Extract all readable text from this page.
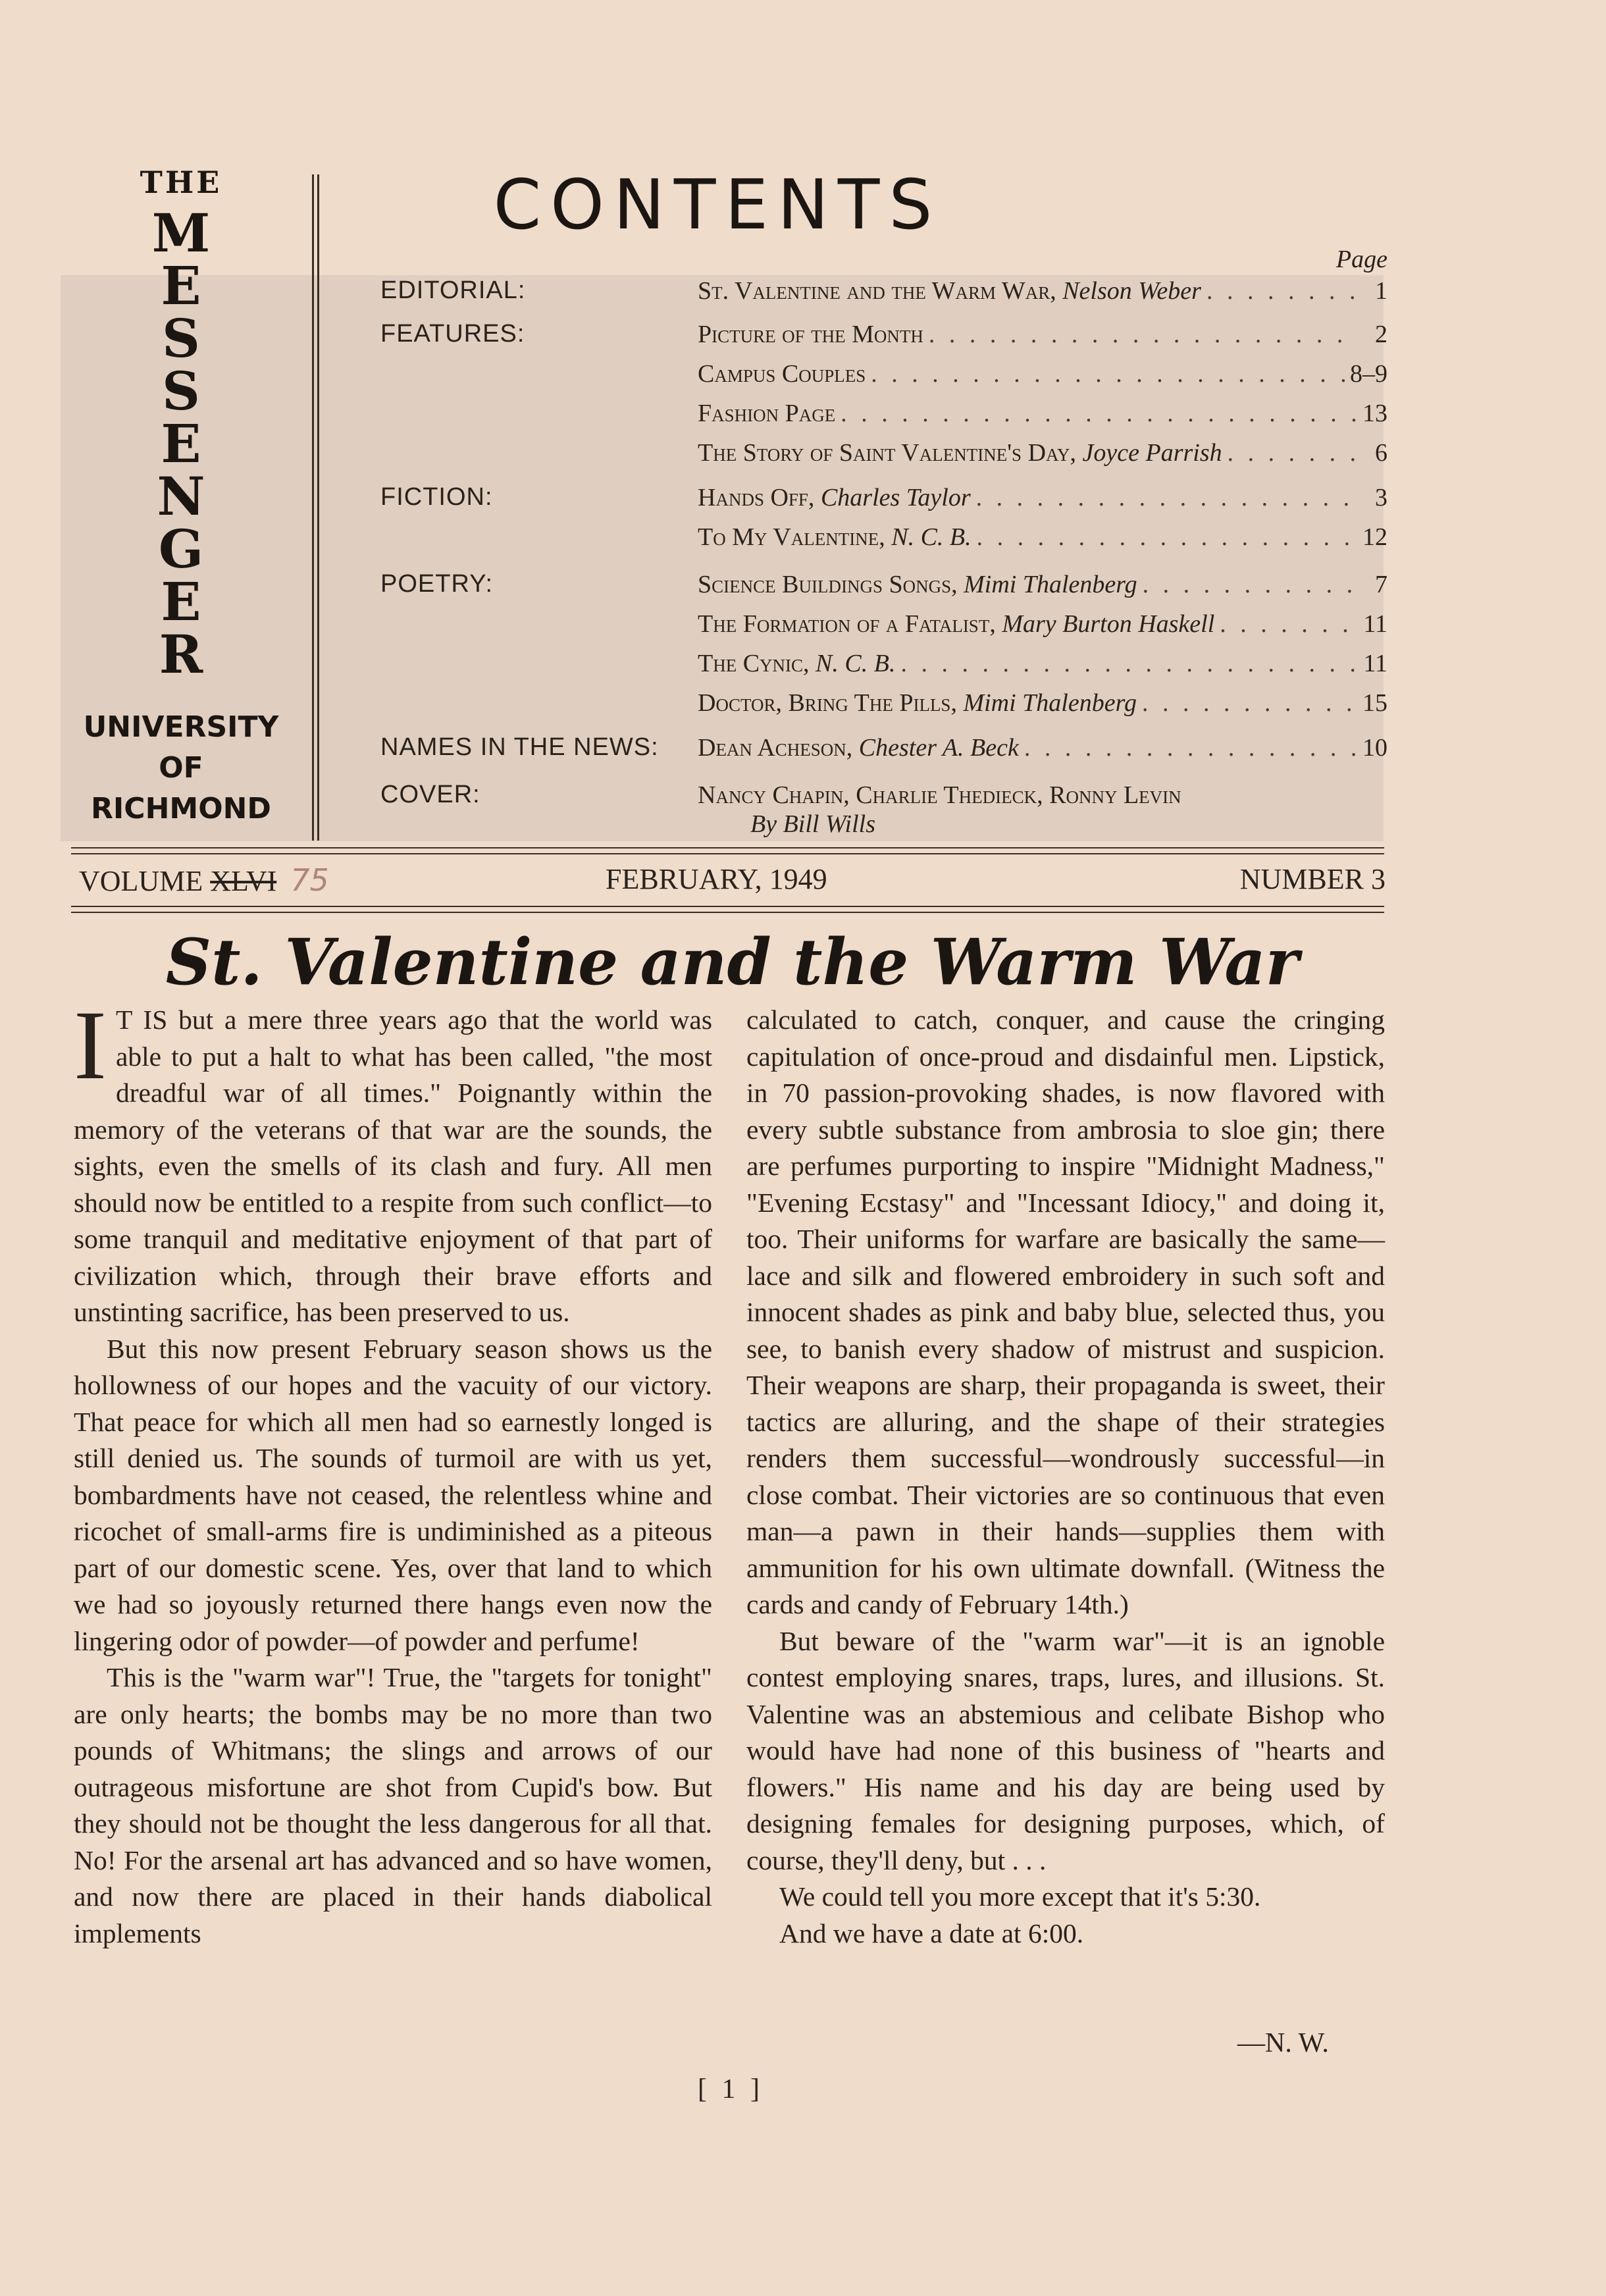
THE
M
E
S
S
E
N
G
E
R
UNIVERSITY
OF
RICHMOND
CONTENTS
Page
EDITORIAL:	St. Valentine and the Warm War, Nelson Weber . . .	1
FEATURES:	Picture of the Month . . .	2
Campus Couples . . .	8–9
Fashion Page . . .	13
The Story of Saint Valentine's Day, Joyce Parrish . . .	6
FICTION:	Hands Off, Charles Taylor . . .	3
To My Valentine, N. C. B. . . .	12
POETRY:	Science Buildings Songs, Mimi Thalenberg . . .	7
The Formation of a Fatalist, Mary Burton Haskell . . .	11
The Cynic, N. C. B. . . .	11
Doctor, Bring The Pills, Mimi Thalenberg . . .	15
NAMES IN THE NEWS: Dean Acheson, Chester A. Beck . . .	10
COVER:	Nancy Chapin, Charlie Thedieck, Ronny Levin
By Bill Wills
VOLUME XLVI 75	FEBRUARY, 1949	NUMBER 3
St. Valentine and the Warm War

I T IS but a mere three years ago that the world was able to put a halt to what has been called, "the most dreadful war of all times." Poignantly within the memory of the veterans of that war are the sounds, the sights, even the smells of its clash and fury. All men should now be entitled to a respite from such conflict—to some tranquil and meditative enjoyment of that part of civilization which, through their brave efforts and unstinting sacrifice, has been preserved to us.

But this now present February season shows us the hollowness of our hopes and the vacuity of our victory. That peace for which all men had so earnestly longed is still denied us. The sounds of turmoil are with us yet, bombardments have not ceased, the relentless whine and ricochet of small-arms fire is undiminished as a piteous part of our domestic scene. Yes, over that land to which we had so joyously returned there hangs even now the lingering odor of powder—of powder and perfume!

This is the "warm war"! True, the "targets for tonight" are only hearts; the bombs may be no more than two pounds of Whitmans; the slings and arrows of our outrageous misfortune are shot from Cupid's bow. But they should not be thought the less dangerous for all that. No! For the arsenal art has advanced and so have women, and now there are placed in their hands diabolical implements

calculated to catch, conquer, and cause the cringing capitulation of once-proud and disdainful men. Lipstick, in 70 passion-provoking shades, is now flavored with every subtle substance from ambrosia to sloe gin; there are perfumes purporting to inspire "Midnight Madness," "Evening Ecstasy" and "Incessant Idiocy," and doing it, too. Their uniforms for warfare are basically the same—lace and silk and flowered embroidery in such soft and innocent shades as pink and baby blue, selected thus, you see, to banish every shadow of mistrust and suspicion. Their weapons are sharp, their propaganda is sweet, their tactics are alluring, and the shape of their strategies renders them successful—wondrously successful—in close combat. Their victories are so continuous that even man—a pawn in their hands—supplies them with ammunition for his own ultimate downfall. (Witness the cards and candy of February 14th.)

But beware of the "warm war"—it is an ignoble contest employing snares, traps, lures, and illusions. St. Valentine was an abstemious and celibate Bishop who would have had none of this business of "hearts and flowers." His name and his day are being used by designing females for designing purposes, which, of course, they'll deny, but . . .

We could tell you more except that it's 5:30.

And we have a date at 6:00.

—N. W.
[ 1 ]
